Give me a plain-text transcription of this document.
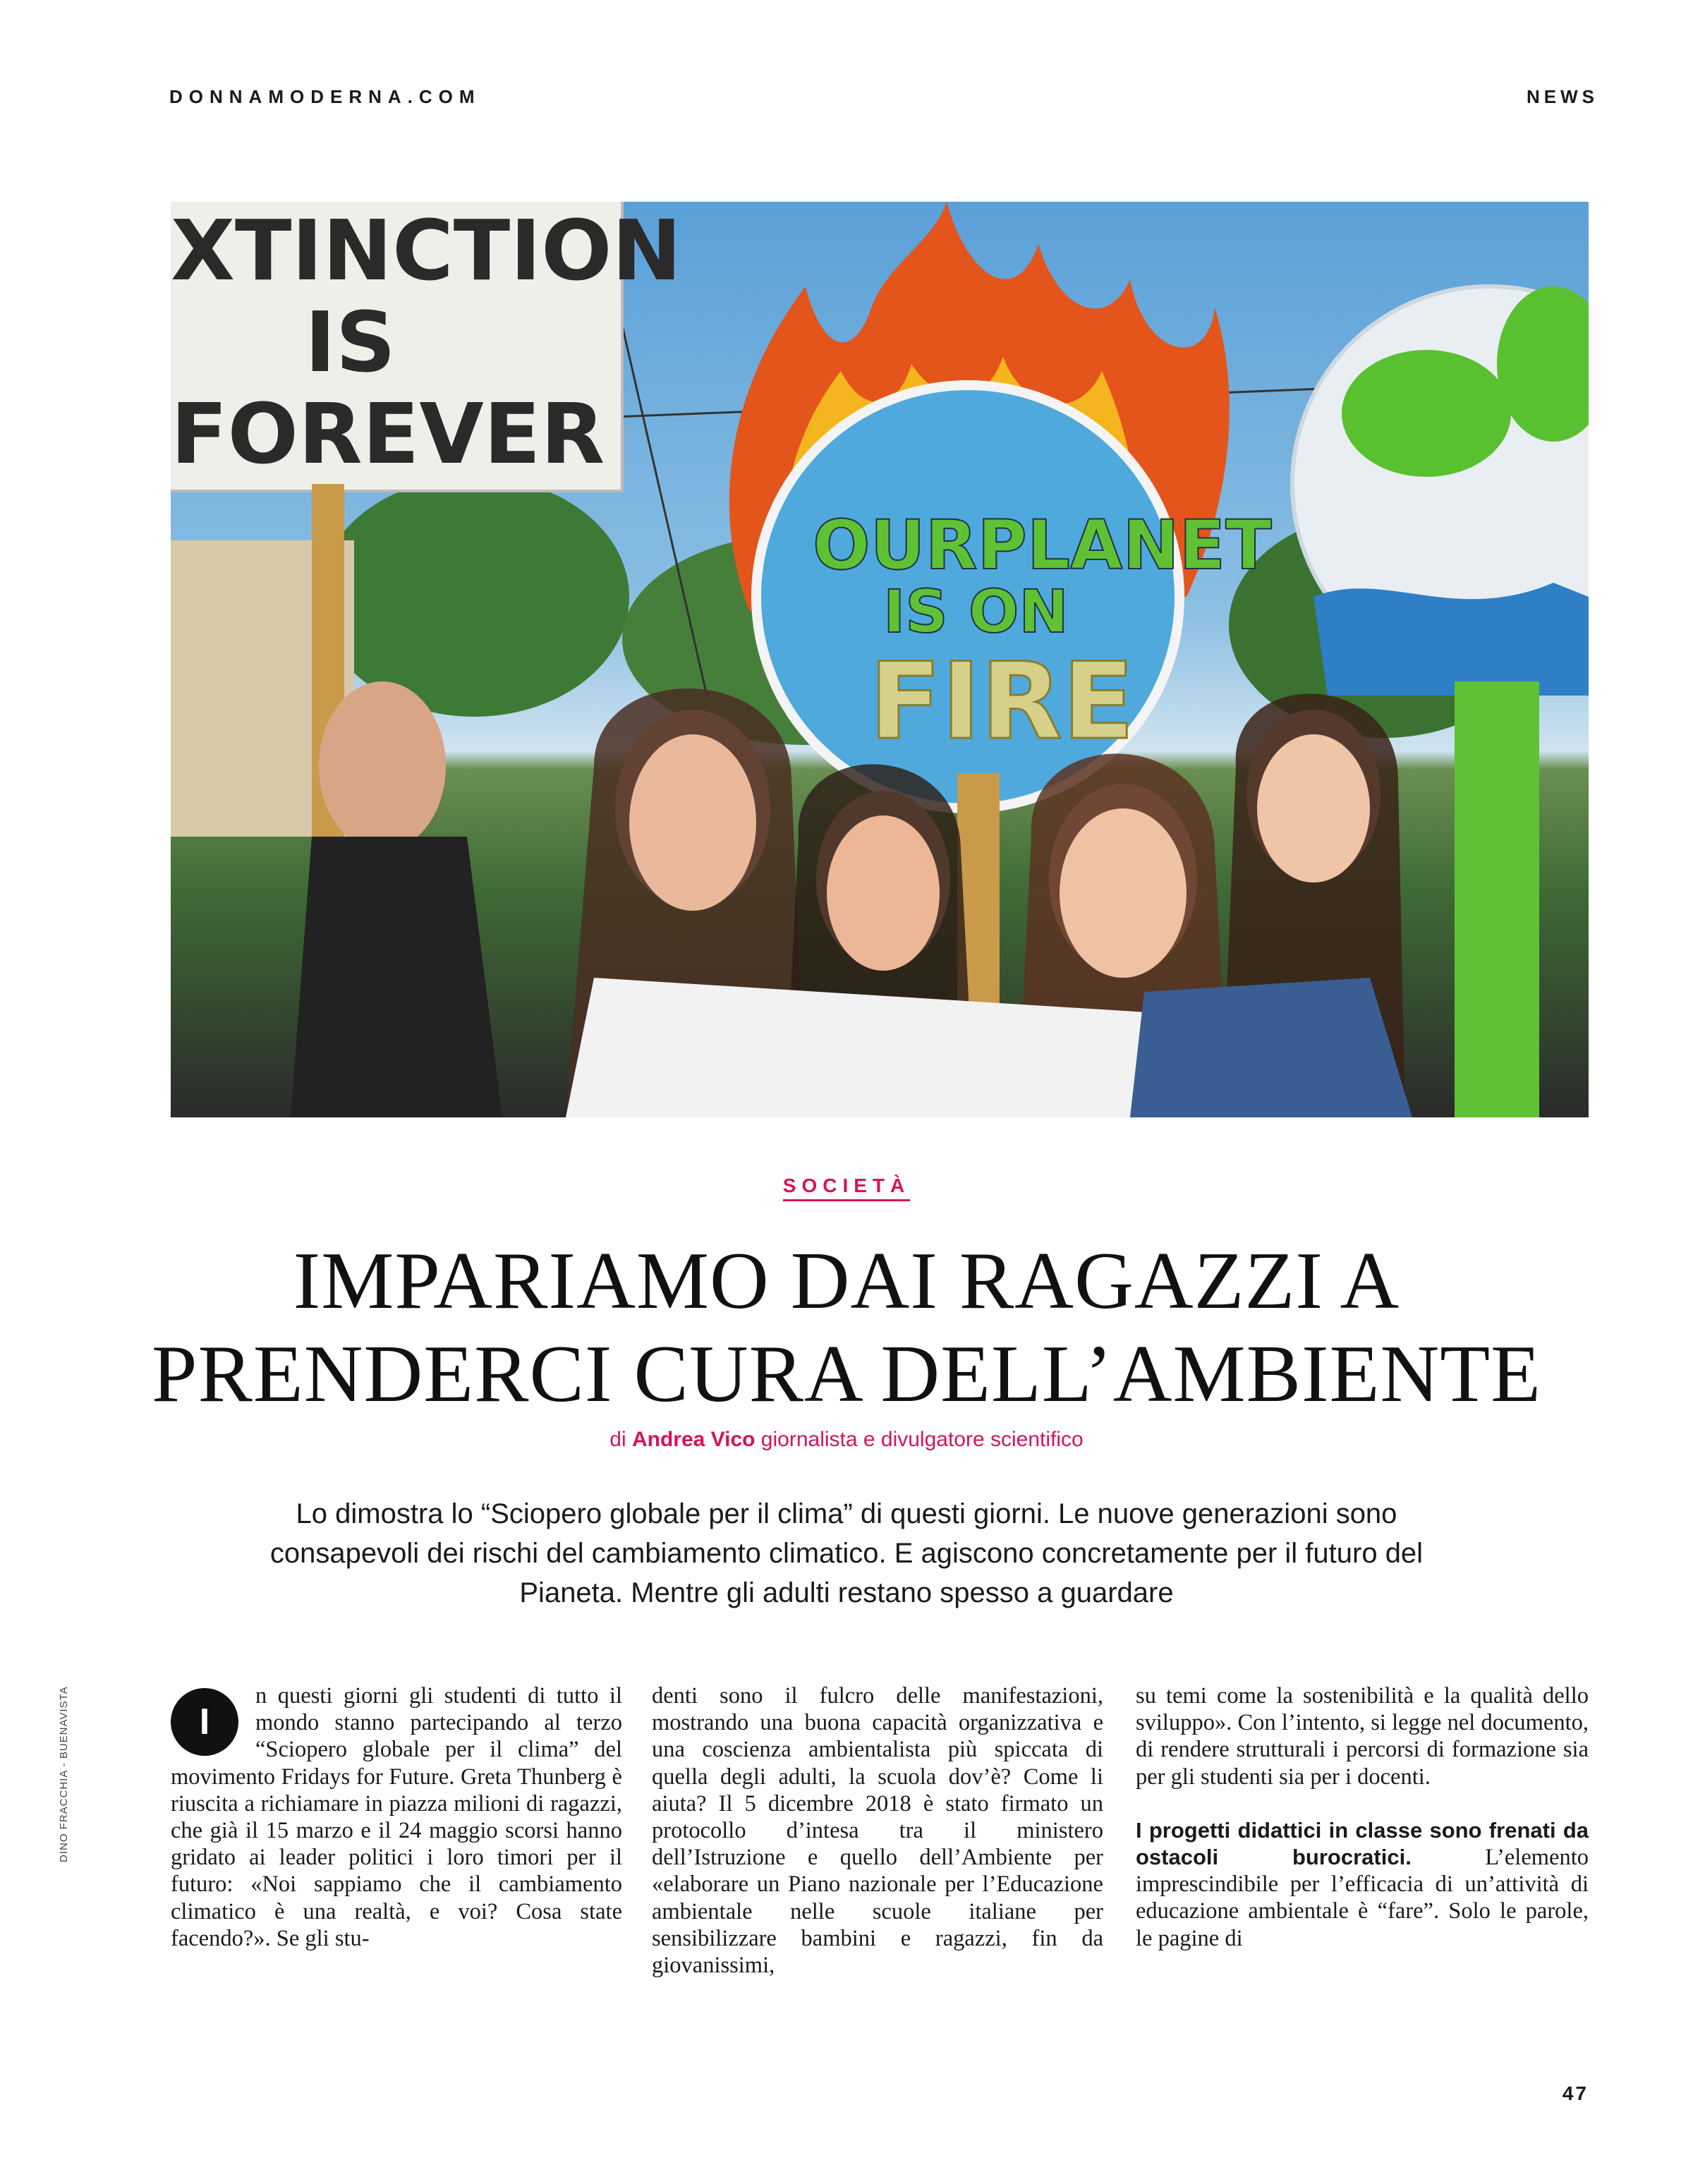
DONNAMODERNA.COM	NEWS
XTINCTION
IS
FOREVER
OURPLANET
IS ON
FIRE
DINO FRACCHIA - BUENAVISTA
SOCIETÀ
IMPARIAMO DAI RAGAZZI A
PRENDERCI CURA DELL’AMBIENTE
di Andrea Vico giornalista e divulgatore scientifico
Lo dimostra lo “Sciopero globale per il clima” di questi giorni. Le nuove generazioni sono consapevoli dei rischi del cambiamento climatico. E agiscono concretamente per il futuro del Pianeta. Mentre gli adulti restano spesso a guardare
I
n questi giorni gli studenti di tutto il mondo stanno partecipando al terzo “Sciopero globale per il clima” del movimento Fridays for Future. Greta Thunberg è riuscita a richiamare in piazza milioni di ragazzi, che già il 15 marzo e il 24 maggio scorsi hanno gridato ai leader politici i loro timori per il futuro: «Noi sappiamo che il cambiamento climatico è una realtà, e voi? Cosa state facendo?». Se gli stu-
denti sono il fulcro delle manifestazioni, mostrando una buona capacità organizzativa e una coscienza ambientalista più spiccata di quella degli adulti, la scuola dov’è? Come li aiuta? Il 5 dicembre 2018 è stato firmato un protocollo d’intesa tra il ministero dell’Istruzione e quello dell’Ambiente per «elaborare un Piano nazionale per l’Educazione ambientale nelle scuole italiane per sensibilizzare bambini e ragazzi, fin da giovanissimi,
su temi come la sostenibilità e la qualità dello sviluppo». Con l’intento, si legge nel documento, di rendere strutturali i percorsi di formazione sia per gli studenti sia per i docenti.
I progetti didattici in classe sono frenati da ostacoli burocratici. L’elemento imprescindibile per l’efficacia di un’attività di educazione ambientale è “fare”. Solo le parole, le pagine di
47
